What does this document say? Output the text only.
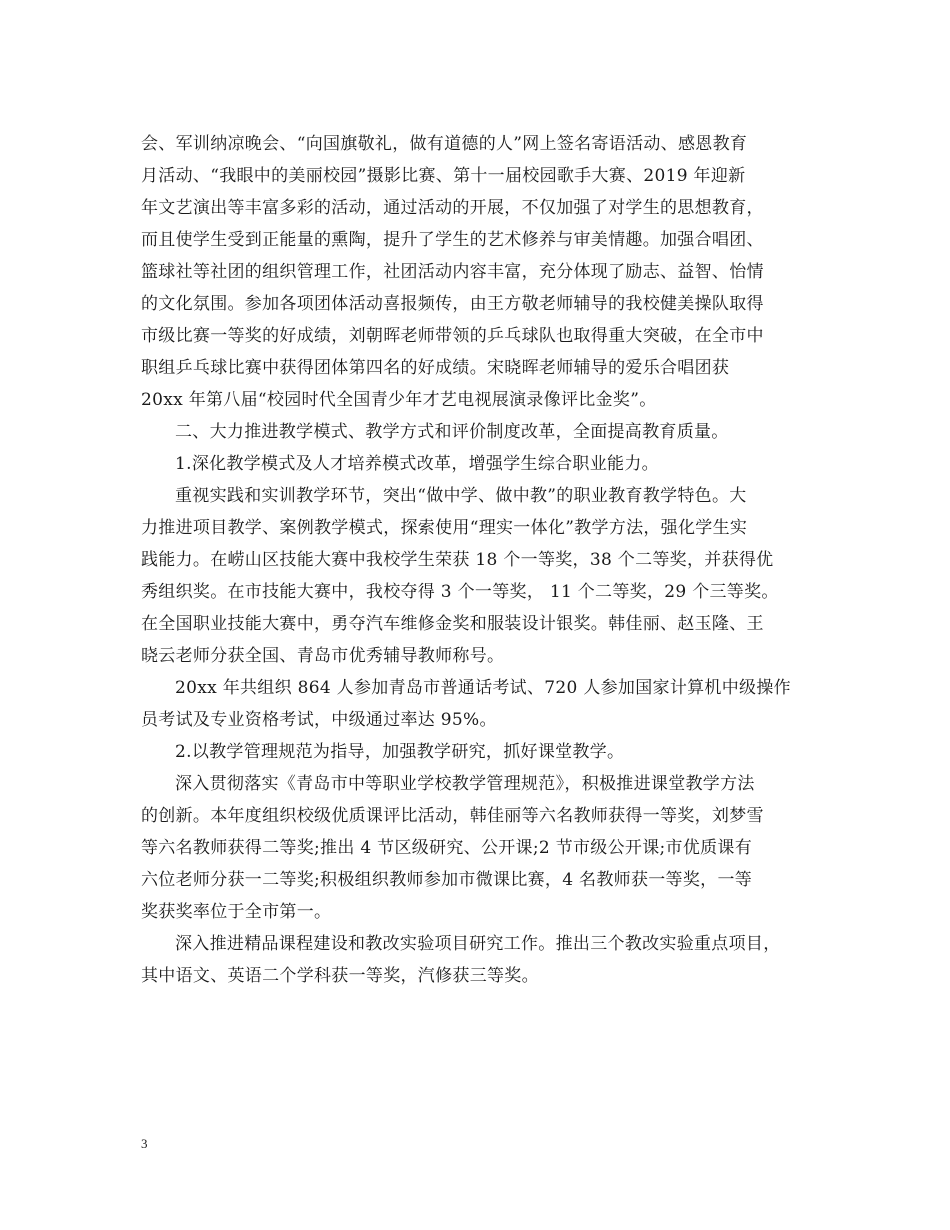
会、军训纳凉晚会、“向国旗敬礼，做有道德的人”网上签名寄语活动、感恩教育
月活动、“我眼中的美丽校园”摄影比赛、第十一届校园歌手大赛、2019 年迎新
年文艺演出等丰富多彩的活动，通过活动的开展，不仅加强了对学生的思想教育，
而且使学生受到正能量的熏陶，提升了学生的艺术修养与审美情趣。加强合唱团、
篮球社等社团的组织管理工作，社团活动内容丰富，充分体现了励志、益智、怡情
的文化氛围。参加各项团体活动喜报频传，由王方敬老师辅导的我校健美操队取得
市级比赛一等奖的好成绩，刘朝晖老师带领的乒乓球队也取得重大突破，在全市中
职组乒乓球比赛中获得团体第四名的好成绩。宋晓晖老师辅导的爱乐合唱团获
20xx 年第八届“校园时代全国青少年才艺电视展演录像评比金奖”。
二、大力推进教学模式、教学方式和评价制度改革，全面提高教育质量。
1.深化教学模式及人才培养模式改革，增强学生综合职业能力。
重视实践和实训教学环节，突出“做中学、做中教”的职业教育教学特色。大
力推进项目教学、案例教学模式，探索使用“理实一体化”教学方法，强化学生实
践能力。在崂山区技能大赛中我校学生荣获 18 个一等奖，38 个二等奖，并获得优
秀组织奖。在市技能大赛中，我校夺得 3 个一等奖， 11 个二等奖，29 个三等奖。
在全国职业技能大赛中，勇夺汽车维修金奖和服装设计银奖。韩佳丽、赵玉隆、王
晓云老师分获全国、青岛市优秀辅导教师称号。
20xx 年共组织 864 人参加青岛市普通话考试、720 人参加国家计算机中级操作
员考试及专业资格考试，中级通过率达 95%。
2.以教学管理规范为指导，加强教学研究，抓好课堂教学。
深入贯彻落实《青岛市中等职业学校教学管理规范》，积极推进课堂教学方法
的创新。本年度组织校级优质课评比活动，韩佳丽等六名教师获得一等奖，刘梦雪
等六名教师获得二等奖;推出 4 节区级研究、公开课;2 节市级公开课;市优质课有
六位老师分获一二等奖;积极组织教师参加市微课比赛，4 名教师获一等奖，一等
奖获奖率位于全市第一。
深入推进精品课程建设和教改实验项目研究工作。推出三个教改实验重点项目，
其中语文、英语二个学科获一等奖，汽修获三等奖。
3
